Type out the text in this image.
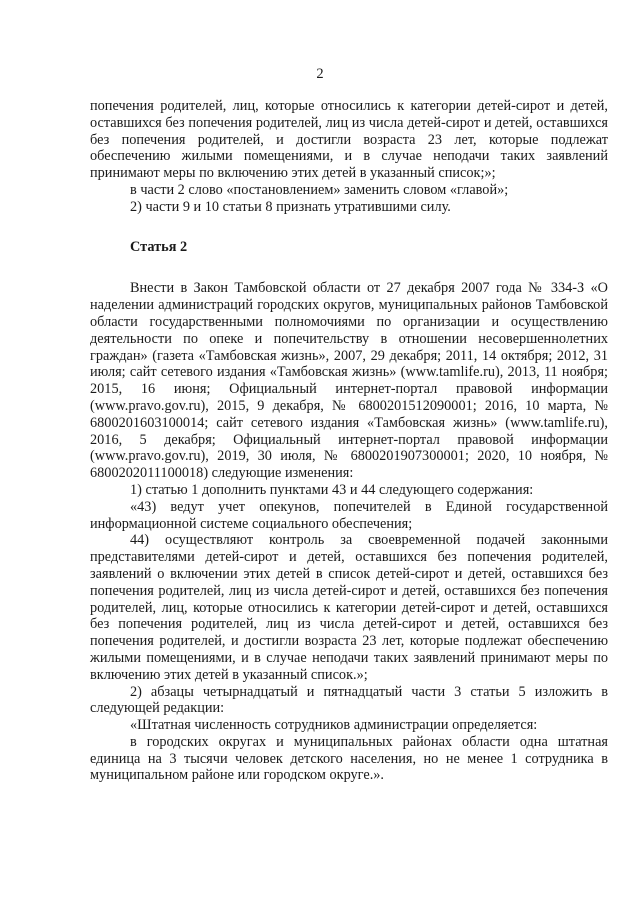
2

попечения родителей, лиц, которые относились к категории детей-сирот и детей, оставшихся без попечения родителей, лиц из числа детей-сирот и детей, оставшихся без попечения родителей, и достигли возраста 23 лет, которые подлежат обеспечению жилыми помещениями, и в случае неподачи таких заявлений принимают меры по включению этих детей в указанный список;»;

в части 2 слово «постановлением» заменить словом «главой»;

2) части 9 и 10 статьи 8 признать утратившими силу.

Статья 2

Внести в Закон Тамбовской области от 27 декабря 2007 года № 334-З «О наделении администраций городских округов, муниципальных районов Тамбовской области государственными полномочиями по организации и осуществлению деятельности по опеке и попечительству в отношении несовершеннолетних граждан» (газета «Тамбовская жизнь», 2007, 29 декабря; 2011, 14 октября; 2012, 31 июля; сайт сетевого издания «Тамбовская жизнь» (www.tamlife.ru), 2013, 11 ноября; 2015, 16 июня; Официальный интернет-портал правовой информации (www.pravo.gov.ru), 2015, 9 декабря, № 6800201512090001; 2016, 10 марта, № 6800201603100014; сайт сетевого издания «Тамбовская жизнь» (www.tamlife.ru), 2016, 5 декабря; Официальный интернет-портал правовой информации (www.pravo.gov.ru), 2019, 30 июля, № 6800201907300001; 2020, 10 ноября, № 6800202011100018) следующие изменения:

1) статью 1 дополнить пунктами 43 и 44 следующего содержания:

«43) ведут учет опекунов, попечителей в Единой государственной информационной системе социального обеспечения;

44) осуществляют контроль за своевременной подачей законными представителями детей-сирот и детей, оставшихся без попечения родителей, заявлений о включении этих детей в список детей-сирот и детей, оставшихся без попечения родителей, лиц из числа детей-сирот и детей, оставшихся без попечения родителей, лиц, которые относились к категории детей-сирот и детей, оставшихся без попечения родителей, лиц из числа детей-сирот и детей, оставшихся без попечения родителей, и достигли возраста 23 лет, которые подлежат обеспечению жилыми помещениями, и в случае неподачи таких заявлений принимают меры по включению этих детей в указанный список.»;

2) абзацы четырнадцатый и пятнадцатый части 3 статьи 5 изложить в следующей редакции:

«Штатная численность сотрудников администрации определяется:

в городских округах и муниципальных районах области одна штатная единица на 3 тысячи человек детского населения, но не менее 1 сотрудника в муниципальном районе или городском округе.».
